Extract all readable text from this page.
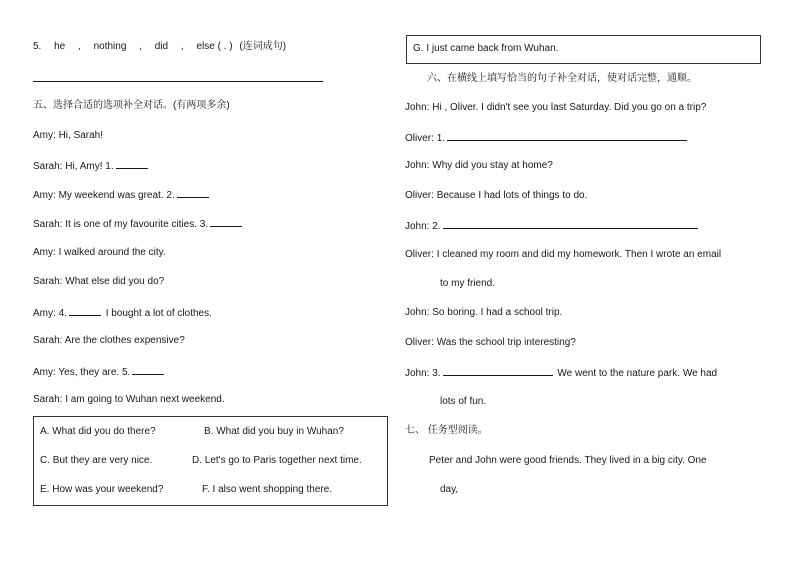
5. he , nothing , did , else ( . ) (连词成句)
五、选择合适的选项补全对话。(有两项多余)
Amy: Hi, Sarah!
Sarah: Hi, Amy! 1.
Amy: My weekend was great. 2.
Sarah: It is one of my favourite cities. 3.
Amy: I walked around the city.
Sarah: What else did you do?
Amy: 4.	I bought a lot of clothes.
Sarah: Are the clothes expensive?
Amy: Yes, they are. 5.
Sarah: I am going to Wuhan next weekend.
A. What did you do there?	B. What did you buy in Wuhan?
C. But they are very nice.	D. Let's go to Paris together next time.
E. How was your weekend?	F. I also went shopping there.
G. I just came back from Wuhan.
六、在横线上填写恰当的句子补全对话，使对话完整，通顺。
John: Hi , Oliver. I didn't see you last Saturday. Did you go on a trip?
Oliver: 1.
John: Why did you stay at home?
Oliver: Because I had lots of things to do.
John: 2.
Oliver: I cleaned my room and did my homework. Then I wrote an email
to my friend.
John: So boring. I had a school trip.
Oliver: Was the school trip interesting?
John: 3.	We went to the nature park. We had
lots of fun.
七、 任务型阅读。
Peter and John were good friends. They lived in a big city. One
day,
